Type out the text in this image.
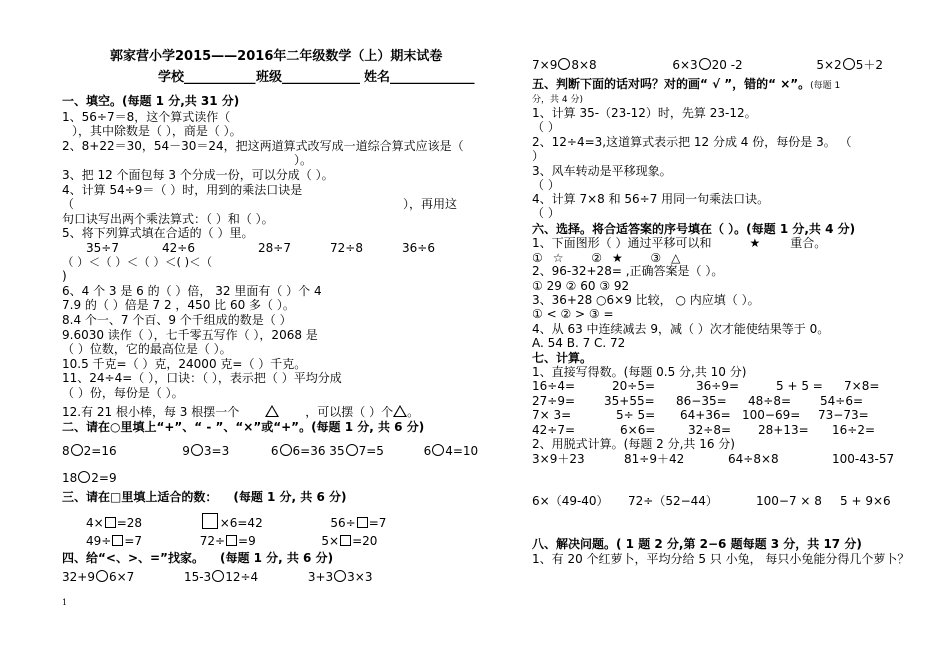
郭家营小学2015——2016年二年级数学（上）期末试卷
学校___________ 班级____________ 姓名_____________
一、填空。(每题 1 分,共 31 分)
1、56÷7＝8，这个算式读作（
），其中除数是（ ），商是（ ）。
2、8+22＝30，54－30＝24，把这两道算式改写成一道综合算式应该是（
）。
3、把 12 个面包每 3 个分成一份，可以分成（ ）。
4、计算 54÷9＝（ ）时，用到的乘法口诀是
（	），再用这
句口诀写出两个乘法算式：（ ）和（ ）。
5、将下列算式填在合适的（ ）里。
35÷7	42÷6	28÷7	72÷8	36÷6
（ ）＜（ ）＜（ ）＜( )＜（
)
6、4 个 3 是 6 的（ ）倍， 32 里面有（ ）个 4
7.9 的（ ）倍是 7 2 ，450 比 60 多（ ）。
8.4 个一、7 个百、9 个千组成的数是（ ）
9.6030 读作（ ），七千零五写作（ ），2068 是
（ ）位数，它的最高位是（ ）。
10.5 千克=（ ）克，24000 克=（ ）千克。
11、24÷4=（ ），口诀：（ ），表示把（ ）平均分成
（ ）份，每份是（ ）。
12.有 21 根小棒，每 3 根摆一个	，可以摆（ ）个 。
二、请在○里填上“+”、“ - ”、“×”或“+”。(每题 1 分, 共 6 分)
8 2=16	9 3=3	6 6=36 35 7=5	6 4=10
18 2=9
三、请在□里填上适合的数： (每题 1 分, 共 6 分)
4× =28	×6=42	56÷ =7
49÷ =7	72÷ =9	5× =20
四、给“<、>、=”找家。 (每题 1 分, 共 6 分)
32+9 6×7	15-3 12÷4	3+3 3×3
1
7×9 8×8	6×3 20 -2	5×2 5＋2
五、判断下面的话对吗？对的画“ √ ”，错的“ ×”。(每题 1
分，共 4 分)
1、计算 35-（23-12）时，先算 23-12。
（ ）
2、12÷4=3,这道算式表示把 12 分成 4 份，每份是 3。 （
）
3、风车转动是平移现象。
（ ）
4、计算 7×8 和 56÷7 用同一句乘法口诀。
（ ）
六、选择。将合适答案的序号填在（ ）。(每题 1 分,共 4 分)
1、下面图形（ ）通过平移可以和	★	重合。
① ☆ ② ★ ③ △
2、96-32+28= ,正确答案是（ ）。
① 29 ② 60 ③ 92
3、36+28 ○6×9 比较， ○ 内应填（ ）。
① < ② > ③ =
4、从 63 中连续减去 9，减（ ）次才能使结果等于 0。
A. 54 B. 7 C. 72
七、计算。
1、直接写得数。(每题 0.5 分,共 10 分)
16÷4=	20÷5=	36÷9=	5 + 5 = 7×8=
27÷9= 35+55= 86−35= 48÷8= 54÷6=
7× 3=	5÷ 5= 64+36= 100−69= 73−73=
42÷7=	6×6=	32÷8= 28+13= 16÷2=
2、用脱式计算。(每题 2 分,共 16 分)
3×9＋23	81÷9＋42	64÷8×8	100-43-57
6×（49-40） 72÷（52−44）	100−7 × 8 5 + 9×6
八、解决问题。( 1 题 2 分,第 2−6 题每题 3 分，共 17 分)
1、有 20 个红萝卜，平均分给 5 只 小兔， 每只小兔能分得几个萝卜？
